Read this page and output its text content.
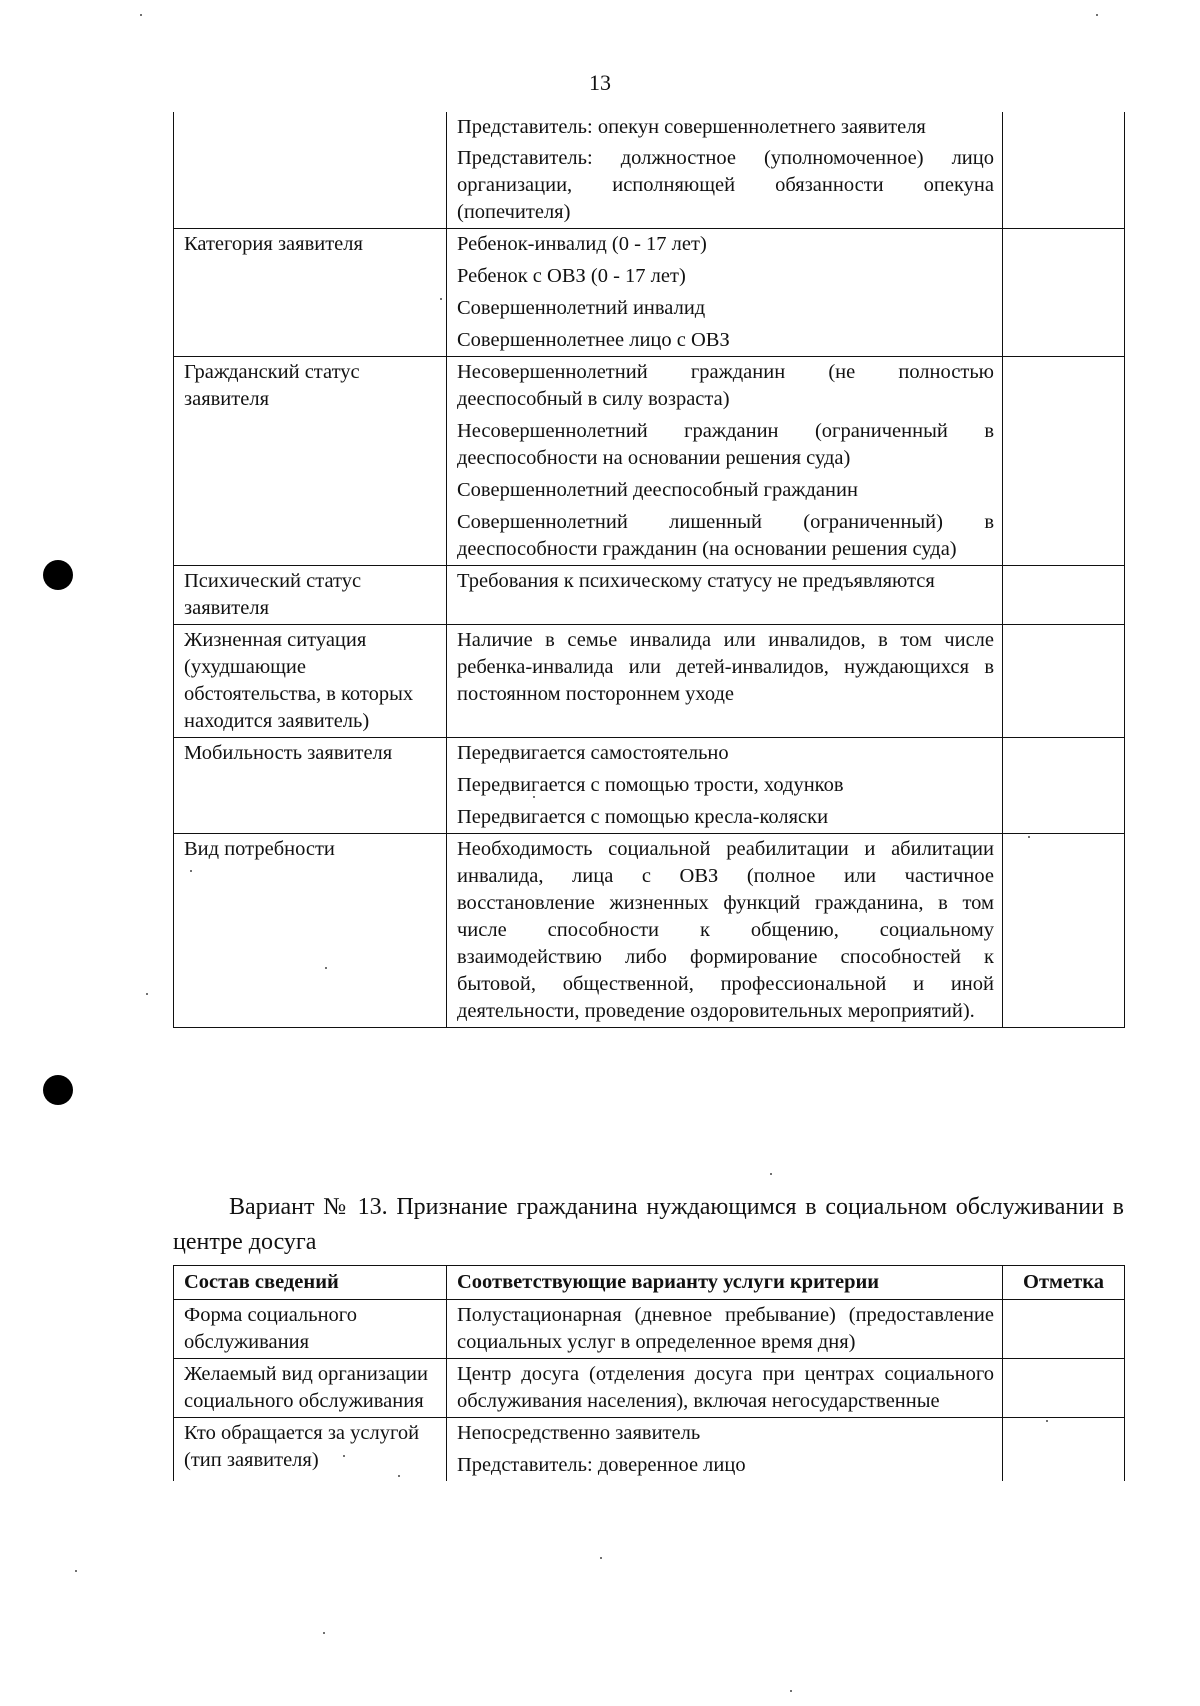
13

	Представитель: опекун совершеннолетнего заявителя

Представитель: должностное (уполномоченное) лицо организации, исполняющей обязанности опекуна (попечителя)	

Категория заявителя	Ребенок-инвалид (0 - 17 лет)

Ребенок с ОВЗ (0 - 17 лет)

Совершеннолетний инвалид

Совершеннолетнее лицо с ОВЗ	

Гражданский статус заявителя	Несовершеннолетний гражданин (не полностью дееспособный в силу возраста)

Несовершеннолетний гражданин (ограниченный в дееспособности на основании решения суда)

Совершеннолетний дееспособный гражданин

Совершеннолетний лишенный (ограниченный) в дееспособности гражданин (на основании решения суда)	

Психический статус заявителя	Требования к психическому статусу не предъявляются	

Жизненная ситуация (ухудшающие обстоятельства, в которых находится заявитель)	Наличие в семье инвалида или инвалидов, в том числе ребенка-инвалида или детей-инвалидов, нуждающихся в постоянном постороннем уходе	

Мобильность заявителя	Передвигается самостоятельно

Передвигается с помощью трости, ходунков

Передвигается с помощью кресла-коляски	

Вид потребности	Необходимость социальной реабилитации и абилитации инвалида, лица с ОВЗ (полное или частичное восстановление жизненных функций гражданина, в том числе способности к общению, социальному взаимодействию либо формирование способностей к бытовой, общественной, профессиональной и иной деятельности, проведение оздоровительных мероприятий).	

Вариант № 13. Признание гражданина нуждающимся в социальном обслуживании в центре досуга

Состав сведений	Соответствующие варианту услуги критерии	Отметка
Форма социального обслуживания	Полустационарная (дневное пребывание) (предоставление социальных услуг в определенное время дня)	

Желаемый вид организации социального обслуживания	Центр досуга (отделения досуга при центрах социального обслуживания населения), включая негосударственные	

Кто обращается за услугой (тип заявителя)	Непосредственно заявитель

Представитель: доверенное лицо	
